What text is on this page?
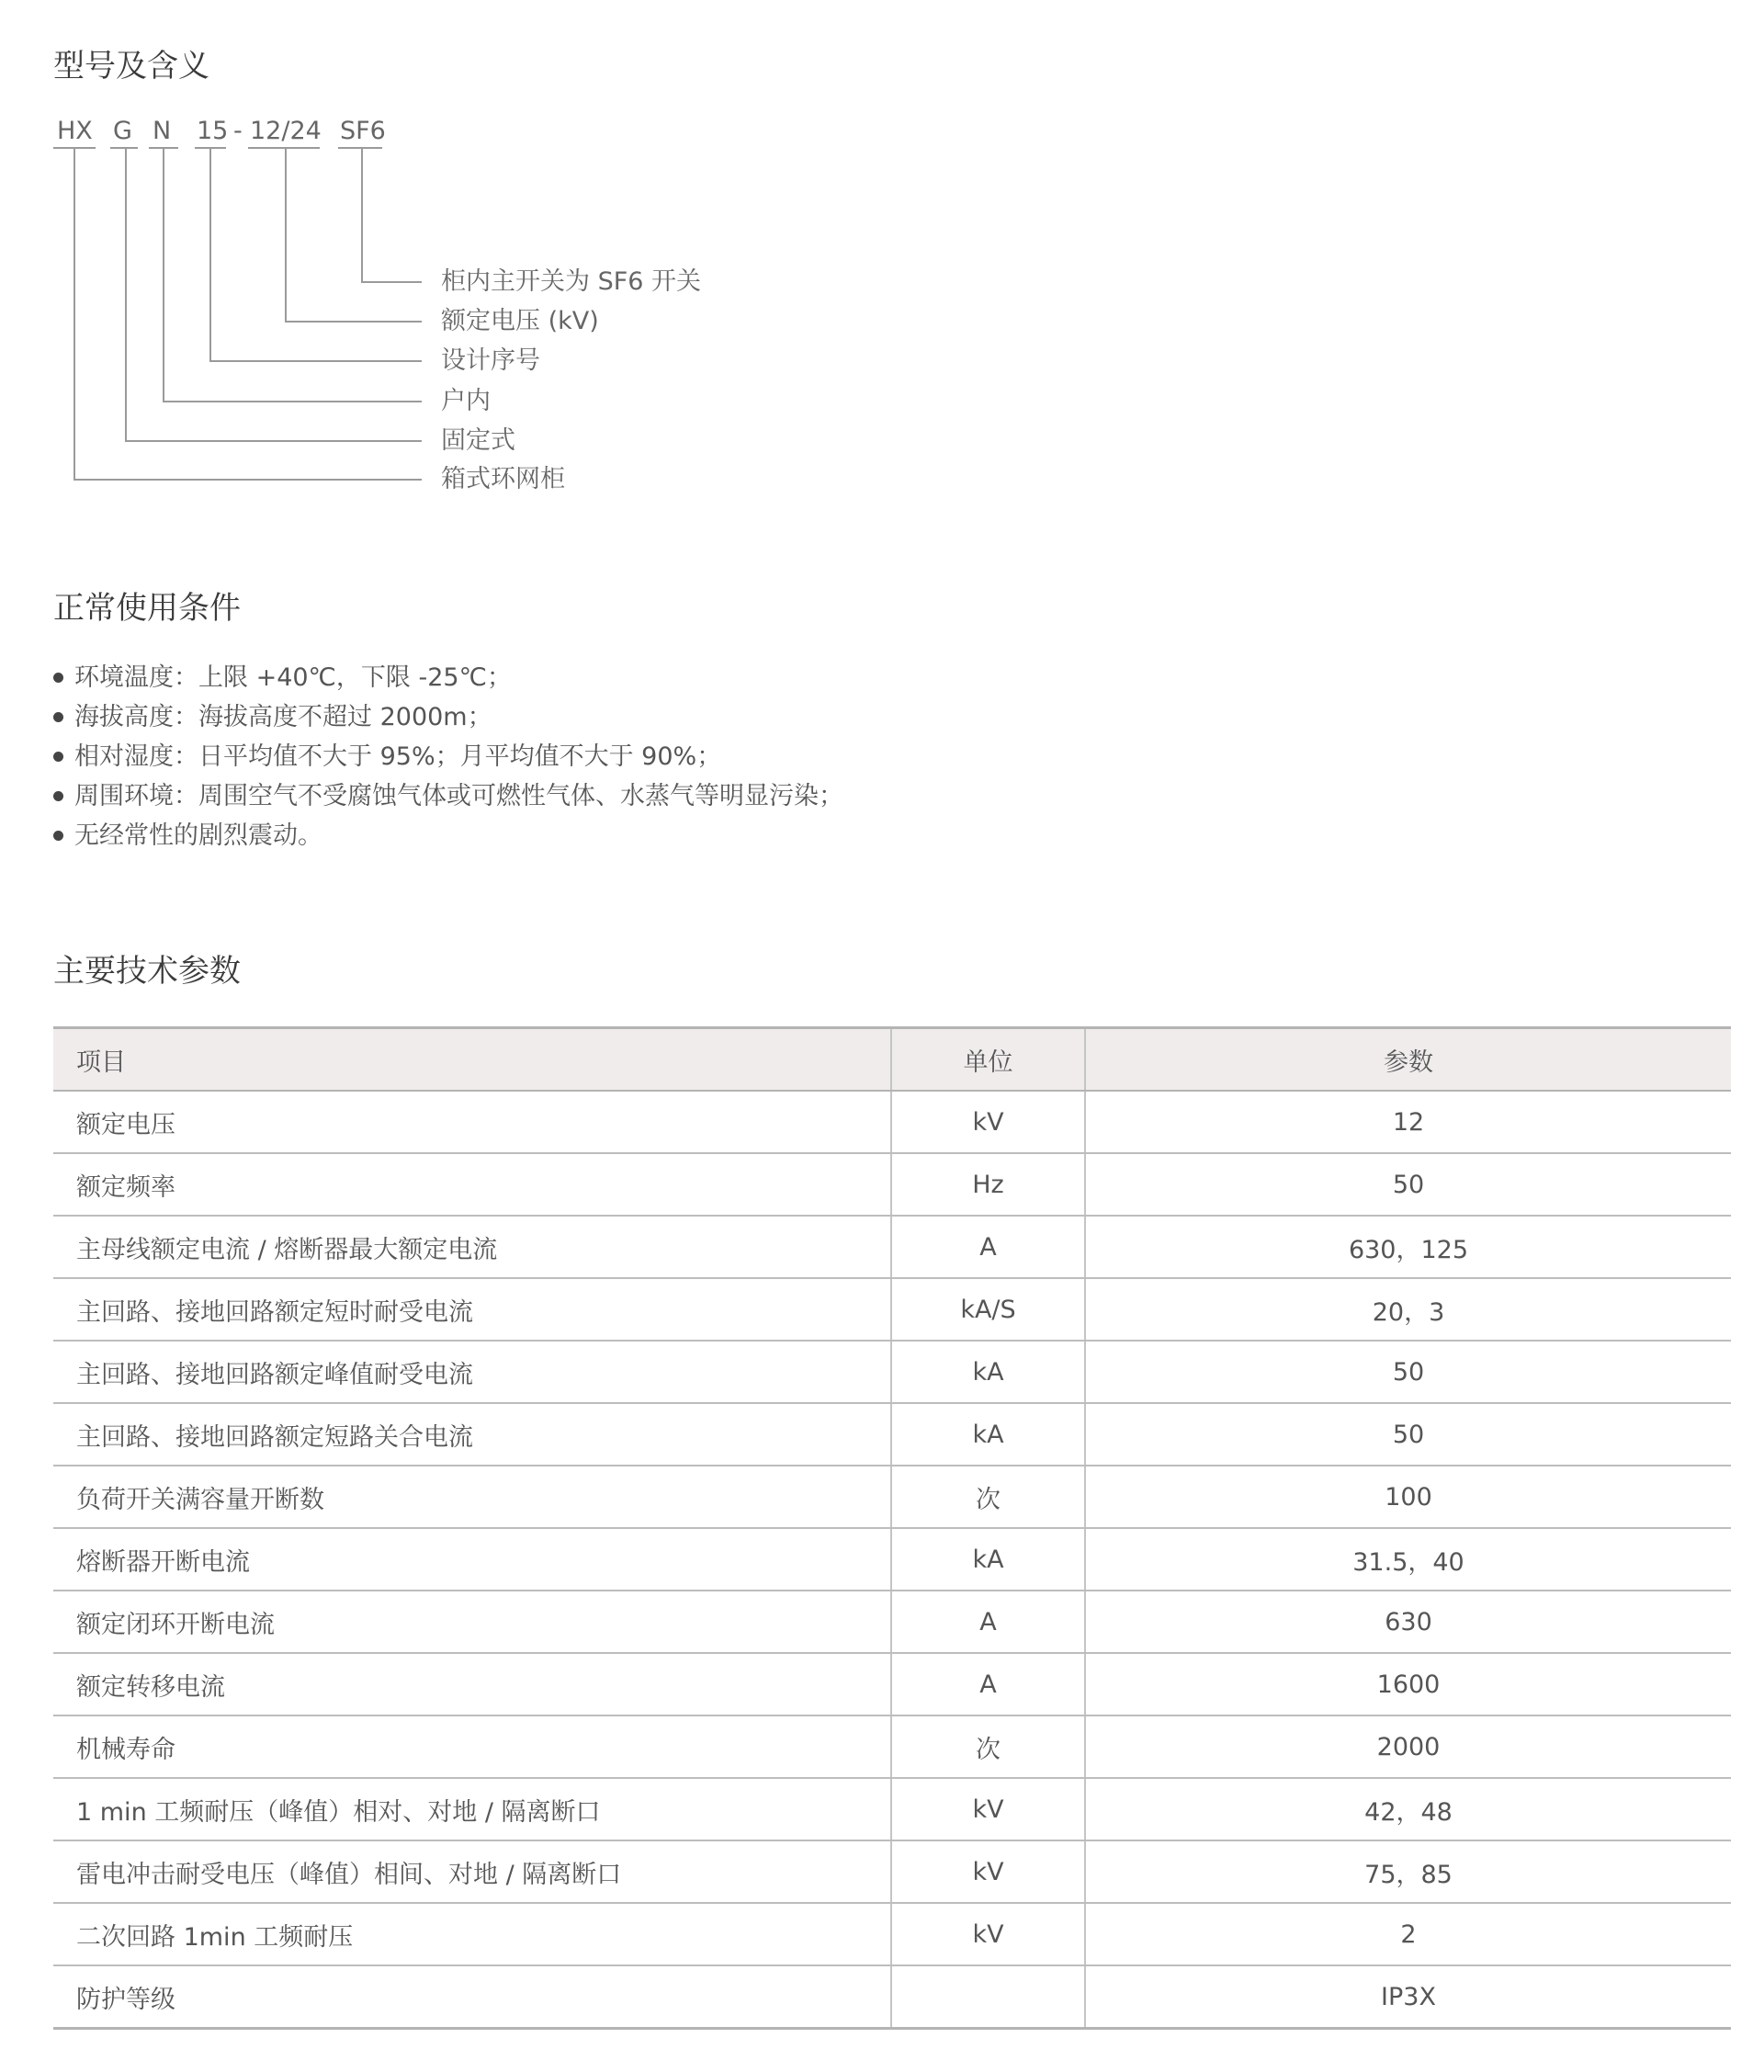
型号及含义
HX G N 15 - 12/24 SF6
柜内主开关为 SF6 开关
额定电压 (kV)
设计序号
户内
固定式
箱式环网柜
正常使用条件
环境温度：上限 +40℃，下限 -25℃；
海拔高度：海拔高度不超过 2000m；
相对湿度：日平均值不大于 95%；月平均值不大于 90%；
周围环境：周围空气不受腐蚀气体或可燃性气体、水蒸气等明显污染；
无经常性的剧烈震动。
主要技术参数
项目	单位	参数
额定电压	kV	12
额定频率	Hz	50
主母线额定电流 / 熔断器最大额定电流	A	630，125
主回路、接地回路额定短时耐受电流	kA/S	20，3
主回路、接地回路额定峰值耐受电流	kA	50
主回路、接地回路额定短路关合电流	kA	50
负荷开关满容量开断数	次	100
熔断器开断电流	kA	31.5，40
额定闭环开断电流	A	630
额定转移电流	A	1600
机械寿命	次	2000
1 min 工频耐压（峰值）相对、对地 / 隔离断口	kV	42，48
雷电冲击耐受电压（峰值）相间、对地 / 隔离断口	kV	75，85
二次回路 1min 工频耐压	kV	2
防护等级		IP3X
